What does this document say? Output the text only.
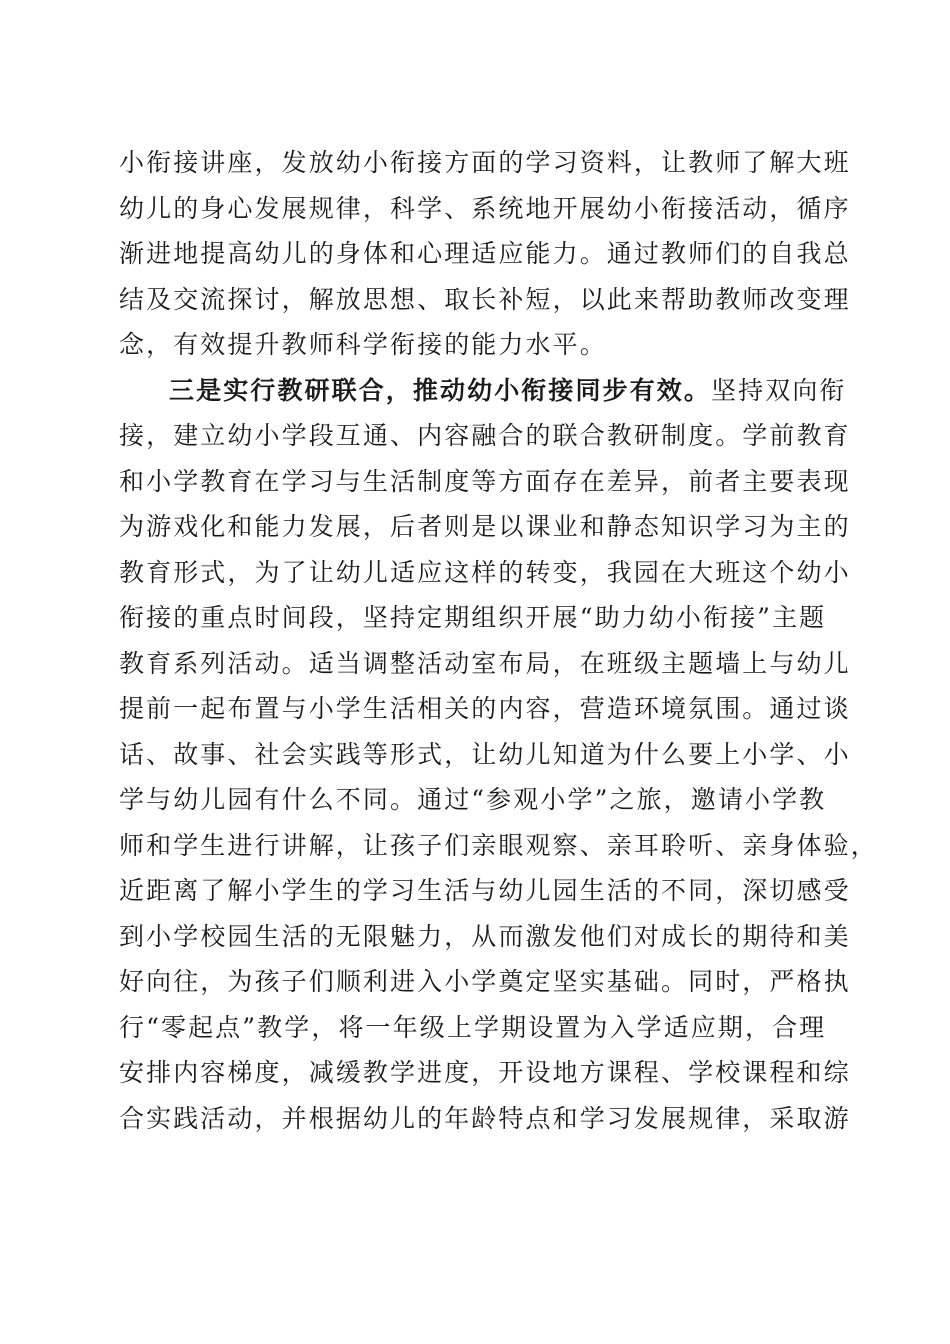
小衔接讲座，发放幼小衔接方面的学习资料，让教师了解大班
幼儿的身心发展规律，科学、系统地开展幼小衔接活动，循序
渐进地提高幼儿的身体和心理适应能力。通过教师们的自我总
结及交流探讨，解放思想、取长补短，以此来帮助教师改变理
念，有效提升教师科学衔接的能力水平。
三是实行教研联合，推动幼小衔接同步有效。坚持双向衔
接，建立幼小学段互通、内容融合的联合教研制度。学前教育
和小学教育在学习与生活制度等方面存在差异，前者主要表现
为游戏化和能力发展，后者则是以课业和静态知识学习为主的
教育形式，为了让幼儿适应这样的转变，我园在大班这个幼小
衔接的重点时间段，坚持定期组织开展“助力幼小衔接”主题
教育系列活动。适当调整活动室布局，在班级主题墙上与幼儿
提前一起布置与小学生活相关的内容，营造环境氛围。通过谈
话、故事、社会实践等形式，让幼儿知道为什么要上小学、小
学与幼儿园有什么不同。通过“参观小学”之旅，邀请小学教
师和学生进行讲解，让孩子们亲眼观察、亲耳聆听、亲身体验，
近距离了解小学生的学习生活与幼儿园生活的不同，深切感受
到小学校园生活的无限魅力，从而激发他们对成长的期待和美
好向往，为孩子们顺利进入小学奠定坚实基础。同时，严格执
行“零起点”教学，将一年级上学期设置为入学适应期，合理
安排内容梯度，减缓教学进度，开设地方课程、学校课程和综
合实践活动，并根据幼儿的年龄特点和学习发展规律，采取游
